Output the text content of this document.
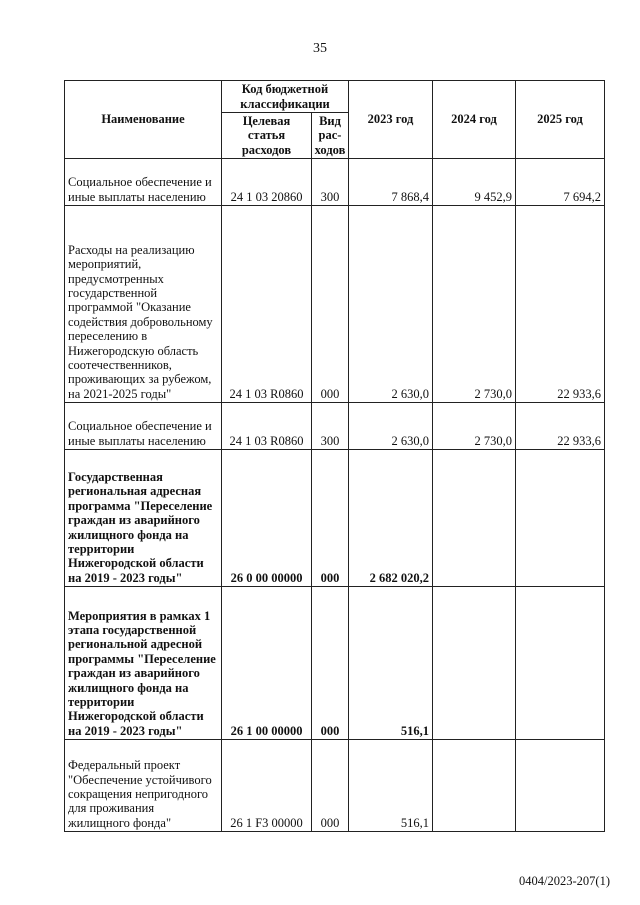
35
Наименование	Код бюджетной классификации		2023 год	2024 год	2025 год
	Целевая статья расходов	Вид рас-ходов			
Социальное обеспечение и иные выплаты населению	24 1 03 20860	300	7 868,4	9 452,9	7 694,2
Расходы на реализацию мероприятий, предусмотренных государственной программой "Оказание содействия добровольному переселению в Нижегородскую область соотечественников, проживающих за рубежом, на 2021-2025 годы"	24 1 03 R0860	000	2 630,0	2 730,0	22 933,6
Социальное обеспечение и иные выплаты населению	24 1 03 R0860	300	2 630,0	2 730,0	22 933,6
Государственная региональная адресная программа "Переселение граждан из аварийного жилищного фонда на территории Нижегородской области на 2019 - 2023 годы"	26 0 00 00000	000	2 682 020,2		
Мероприятия в рамках 1 этапа государственной региональной адресной программы "Переселение граждан из аварийного жилищного фонда на территории Нижегородской области на 2019 - 2023 годы"	26 1 00 00000	000	516,1		
Федеральный проект "Обеспечение устойчивого сокращения непригодного для проживания жилищного фонда"	26 1 F3 00000	000	516,1		
0404/2023-207(1)
